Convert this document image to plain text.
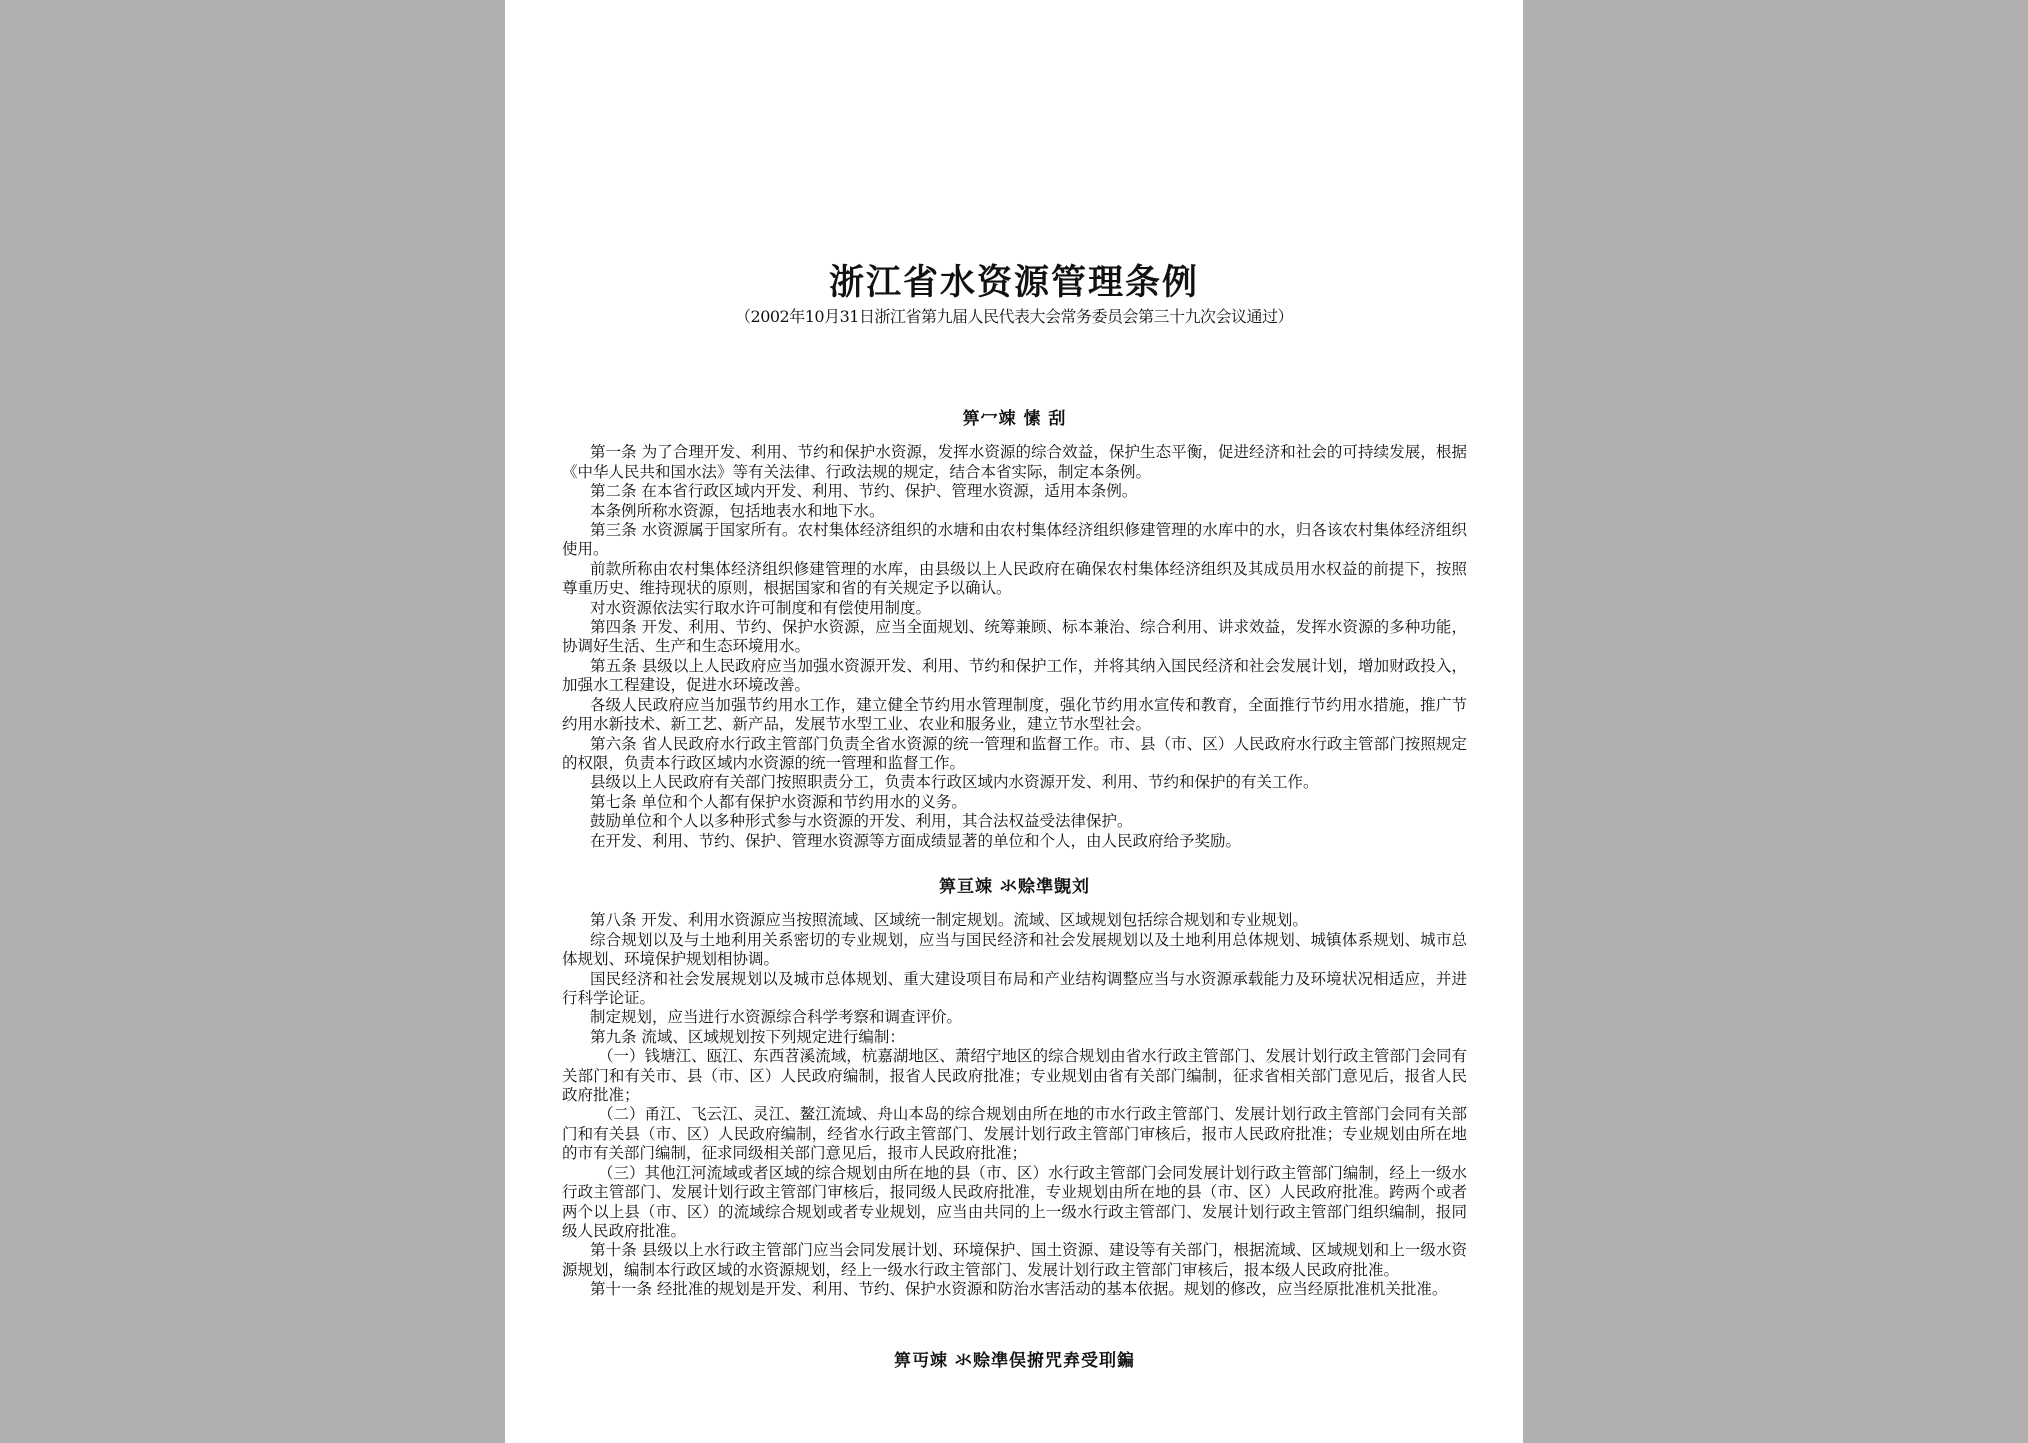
浙江省水资源管理条例

（2002年10月31日浙江省第九届人民代表大会常务委员会第三十九次会议通过）

箅冖竦 愫 刮

第一条 为了合理开发、利用、节约和保护水资源，发挥水资源的综合效益，保护生态平衡，促进经济和社会的可持续发展，根据《中华人民共和国水法》等有关法律、行政法规的规定，结合本省实际，制定本条例。

第二条 在本省行政区域内开发、利用、节约、保护、管理水资源，适用本条例。

本条例所称水资源，包括地表水和地下水。

第三条 水资源属于国家所有。农村集体经济组织的水塘和由农村集体经济组织修建管理的水库中的水，归各该农村集体经济组织使用。

前款所称由农村集体经济组织修建管理的水库，由县级以上人民政府在确保农村集体经济组织及其成员用水权益的前提下，按照尊重历史、维持现状的原则，根据国家和省的有关规定予以确认。

对水资源依法实行取水许可制度和有偿使用制度。

第四条 开发、利用、节约、保护水资源，应当全面规划、统筹兼顾、标本兼治、综合利用、讲求效益，发挥水资源的多种功能，协调好生活、生产和生态环境用水。

第五条 县级以上人民政府应当加强水资源开发、利用、节约和保护工作，并将其纳入国民经济和社会发展计划，增加财政投入，加强水工程建设，促进水环境改善。

各级人民政府应当加强节约用水工作，建立健全节约用水管理制度，强化节约用水宣传和教育，全面推行节约用水措施，推广节约用水新技术、新工艺、新产品，发展节水型工业、农业和服务业，建立节水型社会。

第六条 省人民政府水行政主管部门负责全省水资源的统一管理和监督工作。市、县（市、区）人民政府水行政主管部门按照规定的权限，负责本行政区域内水资源的统一管理和监督工作。

县级以上人民政府有关部门按照职责分工，负责本行政区域内水资源开发、利用、节约和保护的有关工作。

第七条 单位和个人都有保护水资源和节约用水的义务。

鼓励单位和个人以多种形式参与水资源的开发、利用，其合法权益受法律保护。

在开发、利用、节约、保护、管理水资源等方面成绩显著的单位和个人，由人民政府给予奖励。

箅亘竦 氺赊凖覬刘

第八条 开发、利用水资源应当按照流域、区域统一制定规划。流域、区域规划包括综合规划和专业规划。

综合规划以及与土地利用关系密切的专业规划，应当与国民经济和社会发展规划以及土地利用总体规划、城镇体系规划、城市总体规划、环境保护规划相协调。

国民经济和社会发展规划以及城市总体规划、重大建设项目布局和产业结构调整应当与水资源承载能力及环境状况相适应，并进行科学论证。

制定规划，应当进行水资源综合科学考察和调查评价。

第九条 流域、区域规划按下列规定进行编制：

（一）钱塘江、瓯江、东西苕溪流域，杭嘉湖地区、萧绍宁地区的综合规划由省水行政主管部门、发展计划行政主管部门会同有关部门和有关市、县（市、区）人民政府编制，报省人民政府批准；专业规划由省有关部门编制，征求省相关部门意见后，报省人民政府批准；

（二）甬江、飞云江、灵江、鳌江流域、舟山本岛的综合规划由所在地的市水行政主管部门、发展计划行政主管部门会同有关部门和有关县（市、区）人民政府编制，经省水行政主管部门、发展计划行政主管部门审核后，报市人民政府批准；专业规划由所在地的市有关部门编制，征求同级相关部门意见后，报市人民政府批准；

（三）其他江河流域或者区域的综合规划由所在地的县（市、区）水行政主管部门会同发展计划行政主管部门编制，经上一级水行政主管部门、发展计划行政主管部门审核后，报同级人民政府批准，专业规划由所在地的县（市、区）人民政府批准。跨两个或者两个以上县（市、区）的流域综合规划或者专业规划，应当由共同的上一级水行政主管部门、发展计划行政主管部门组织编制，报同级人民政府批准。

第十条 县级以上水行政主管部门应当会同发展计划、环境保护、国土资源、建设等有关部门，根据流域、区域规划和上一级水资源规划，编制本行政区域的水资源规划，经上一级水行政主管部门、发展计划行政主管部门审核后，报本级人民政府批准。

第十一条 经批准的规划是开发、利用、节约、保护水资源和防治水害活动的基本依据。规划的修改，应当经原批准机关批准。

箅丏竦 氺赊凖俣捬咒弆受刵鍽
